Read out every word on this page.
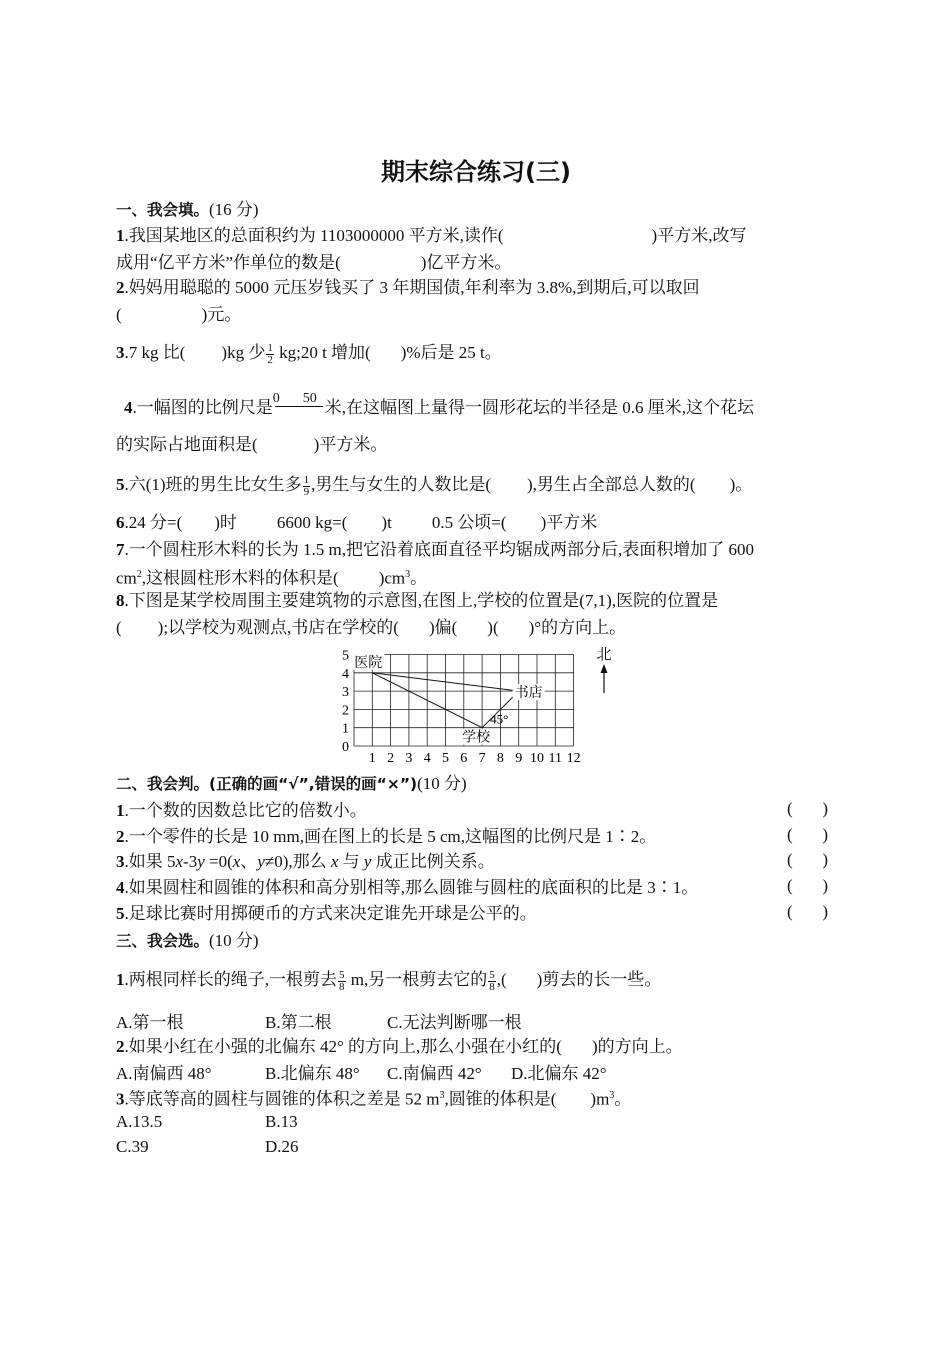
期末综合练习(三)
一、我会填。(16 分)
1.我国某地区的总面积约为 1103000000 平方米,读作(	)平方米,改写
成用“亿平方米”作单位的数是(	)亿平方米。
2.妈妈用聪聪的 5000 元压岁钱买了 3 年期国债,年利率为 3.8%,到期后,可以取回
(	)元。
3.7 kg 比( )kg 少 $\frac{1}{2}$ kg;20 t 增加( )%后是 25 t。
4.一幅图的比例尺是 0 50 米,在这幅图上量得一圆形花坛的半径是 0.6 厘米,这个花坛
的实际占地面积是(	)平方米。
5.六(1)班的男生比女生多 $\frac{1}{9}$ ,男生与女生的人数比是( ),男生占全部总人数的( )。
6.24 分=( )时 6600 kg=( )t 0.5 公顷=( )平方米
7.一个圆柱形木料的长为 1.5 m,把它沿着底面直径平均锯成两部分后,表面积增加了 600
$cm^2$,这根圆柱形木料的体积是( )$cm^3$。
8.下图是某学校周围主要建筑物的示意图,在图上,学校的位置是(7,1),医院的位置是
( );以学校为观测点,书店在学校的( )偏( )( )°的方向上。
0
1
2
3
4
5
1 2 3 4 5 6 7 8 9 10 11 12
医院
书店
学校
45°
北
二、我会判。(正确的画“√”,错误的画“×”)(10 分)
1.一个数的因数总比它的倍数小。	(       )
2.一个零件的长是 10 mm,画在图上的长是 5 cm,这幅图的比例尺是 1∶2。	(       )
3.如果 5x-3y =0(x、y≠0),那么 x 与 y 成正比例关系。	(       )
4.如果圆柱和圆锥的体积和高分别相等,那么圆锥与圆柱的底面积的比是 3∶1。	(       )
5.足球比赛时用掷硬币的方式来决定谁先开球是公平的。	(       )
三、我会选。(10 分)
1.两根同样长的绳子,一根剪去 $\frac{5}{8} m$,另一根剪去它的 $\frac{5}{8}$ ,( )剪去的长一些。
A.第一根	B.第二根	C.无法判断哪一根
2.如果小红在小强的北偏东 42° 的方向上,那么小强在小红的( )的方向上。
A.南偏西 48°	B.北偏东 48° C.南偏西 42° D.北偏东 42°
3.等底等高的圆柱与圆锥的体积之差是 52 $m^3$,圆锥的体积是( )$m^3$。
A.13.5	B.13
C.39	D.26
